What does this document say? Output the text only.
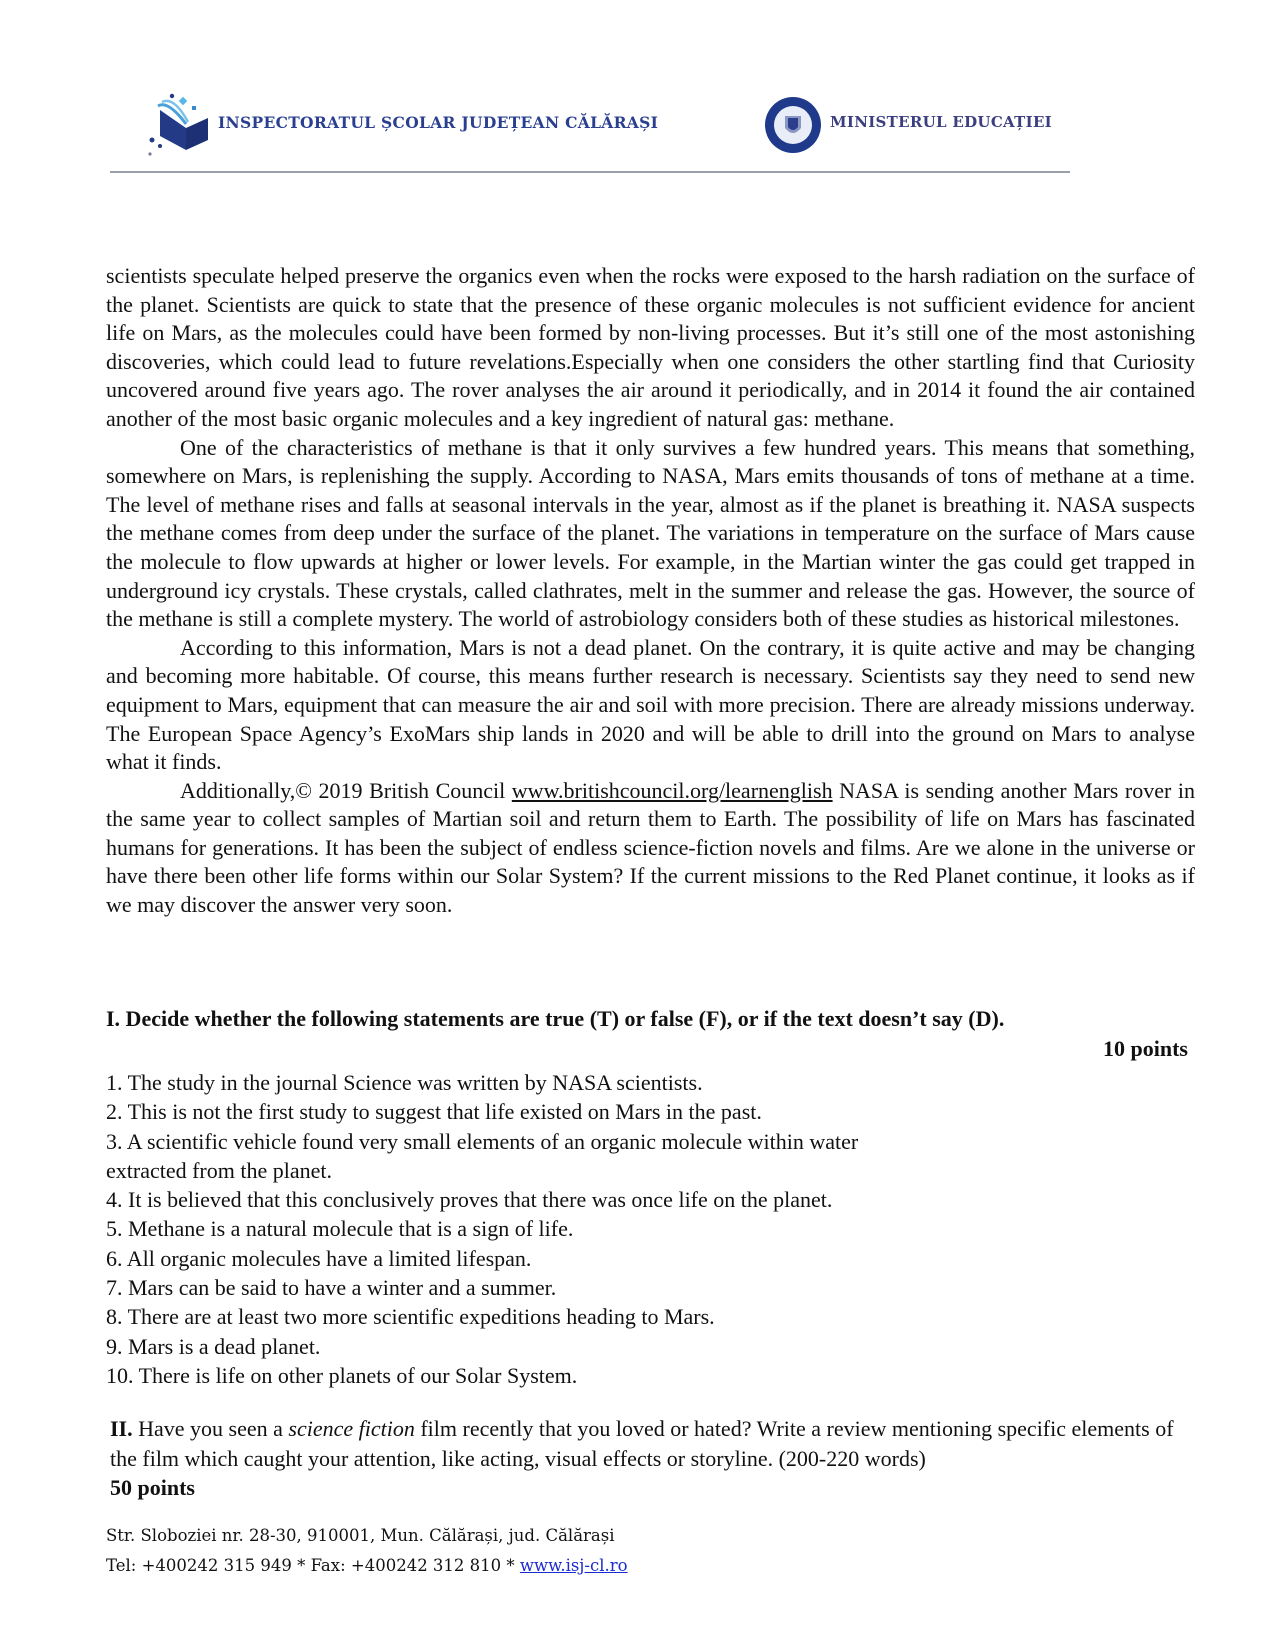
INSPECTORATUL ȘCOLAR JUDEȚEAN CĂLĂRAȘI	MINISTERUL EDUCAȚIEI

scientists speculate helped preserve the organics even when the rocks were exposed to the harsh radiation on the surface of the planet. Scientists are quick to state that the presence of these organic molecules is not sufficient evidence for ancient life on Mars, as the molecules could have been formed by non-living processes. But it’s still one of the most astonishing discoveries, which could lead to future revelations.Especially when one considers the other startling find that Curiosity uncovered around five years ago. The rover analyses the air around it periodically, and in 2014 it found the air contained another of the most basic organic molecules and a key ingredient of natural gas: methane.

One of the characteristics of methane is that it only survives a few hundred years. This means that something, somewhere on Mars, is replenishing the supply. According to NASA, Mars emits thousands of tons of methane at a time. The level of methane rises and falls at seasonal intervals in the year, almost as if the planet is breathing it. NASA suspects the methane comes from deep under the surface of the planet. The variations in temperature on the surface of Mars cause the molecule to flow upwards at higher or lower levels. For example, in the Martian winter the gas could get trapped in underground icy crystals. These crystals, called clathrates, melt in the summer and release the gas. However, the source of the methane is still a complete mystery. The world of astrobiology considers both of these studies as historical milestones.

According to this information, Mars is not a dead planet. On the contrary, it is quite active and may be changing and becoming more habitable. Of course, this means further research is necessary. Scientists say they need to send new equipment to Mars, equipment that can measure the air and soil with more precision. There are already missions underway. The European Space Agency’s ExoMars ship lands in 2020 and will be able to drill into the ground on Mars to analyse what it finds.

Additionally,© 2019 British Council www.britishcouncil.org/learnenglish NASA is sending another Mars rover in the same year to collect samples of Martian soil and return them to Earth. The possibility of life on Mars has fascinated humans for generations. It has been the subject of endless science-fiction novels and films. Are we alone in the universe or have there been other life forms within our Solar System? If the current missions to the Red Planet continue, it looks as if we may discover the answer very soon.

I. Decide whether the following statements are true (T) or false (F), or if the text doesn’t say (D).
10 points

1. The study in the journal Science was written by NASA scientists.

2. This is not the first study to suggest that life existed on Mars in the past.

3. A scientific vehicle found very small elements of an organic molecule within water

extracted from the planet.

4. It is believed that this conclusively proves that there was once life on the planet.

5. Methane is a natural molecule that is a sign of life.

6. All organic molecules have a limited lifespan.

7. Mars can be said to have a winter and a summer.

8. There are at least two more scientific expeditions heading to Mars.

9. Mars is a dead planet.

10. There is life on other planets of our Solar System.

II. Have you seen a science fiction film recently that you loved or hated? Write a review mentioning specific elements of the film which caught your attention, like acting, visual effects or storyline. (200-220 words)
50 points
Str. Sloboziei nr. 28-30, 910001, Mun. Călărași, jud. Călărași
Tel: +400242 315 949 * Fax: +400242 312 810 * www.isj-cl.ro
